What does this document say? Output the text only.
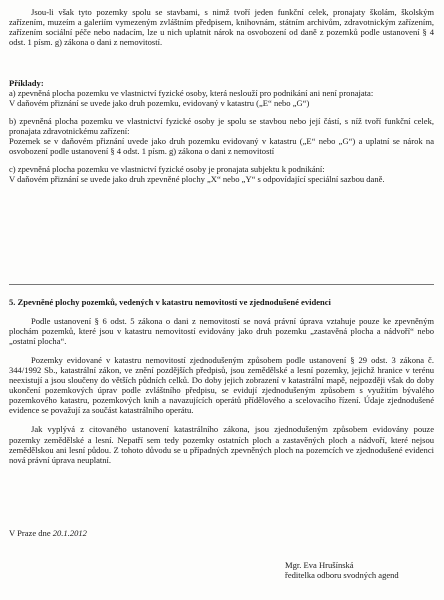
Jsou-li však tyto pozemky spolu se stavbami, s nimž tvoří jeden funkční celek, pronajaty školám, školským zařízením, muzeím a galeriím vymezeným zvláštním předpisem, knihovnám, státním archivům, zdravotnickým zařízením, zařízením sociální péče nebo nadacím, lze u nich uplatnit nárok na osvobození od daně z pozemků podle ustanovení § 4 odst. 1 písm. g) zákona o dani z nemovitostí.

Příklady:

a) zpevněná plocha pozemku ve vlastnictví fyzické osoby, která neslouží pro podnikání ani není pronajata:

V daňovém přiznání se uvede jako druh pozemku, evidovaný v katastru („E“ nebo „G“)

b) zpevněná plocha pozemku ve vlastnictví fyzické osoby je spolu se stavbou nebo její částí, s níž tvoří funkční celek, pronajata zdravotnickému zařízení:

Pozemek se v daňovém přiznání uvede jako druh pozemku evidovaný v katastru („E“ nebo „G“) a uplatní se nárok na osvobození podle ustanovení § 4 odst. 1 písm. g) zákona o dani z nemovitostí

c) zpevněná plocha pozemku ve vlastnictví fyzické osoby je pronajata subjektu k podnikání:

V daňovém přiznání se uvede jako druh zpevněné plochy „X“ nebo „Y“ s odpovídající speciální sazbou daně.

5. Zpevněné plochy pozemků, vedených v katastru nemovitostí ve zjednodušené evidenci

Podle ustanovení § 6 odst. 5 zákona o dani z nemovitostí se nová právní úprava vztahuje pouze ke zpevněným plochám pozemků, které jsou v katastru nemovitostí evidovány jako druh pozemku „zastavěná plocha a nádvoří“ nebo „ostatní plocha“.

Pozemky evidované v katastru nemovitostí zjednodušeným způsobem podle ustanovení § 29 odst. 3 zákona č. 344/1992 Sb., katastrální zákon, ve znění pozdějších předpisů, jsou zemědělské a lesní pozemky, jejichž hranice v terénu neexistují a jsou sloučeny do větších půdních celků. Do doby jejich zobrazení v katastrální mapě, nejpozději však do doby ukončení pozemkových úprav podle zvláštního předpisu, se evidují zjednodušeným způsobem s využitím bývalého pozemkového katastru, pozemkových knih a navazujících operátů přídělového a scelovacího řízení. Údaje zjednodušené evidence se považují za součást katastrálního operátu.

Jak vyplývá z citovaného ustanovení katastrálního zákona, jsou zjednodušeným způsobem evidovány pouze pozemky zemědělské a lesní. Nepatří sem tedy pozemky ostatních ploch a zastavěných ploch a nádvoří, které nejsou zemědělskou ani lesní půdou. Z tohoto důvodu se u případných zpevněných ploch na pozemcích ve zjednodušené evidenci nová právní úprava neuplatní.

V Praze dne 20.1.2012
Mgr. Eva Hrušínská
ředitelka odboru svodných agend
